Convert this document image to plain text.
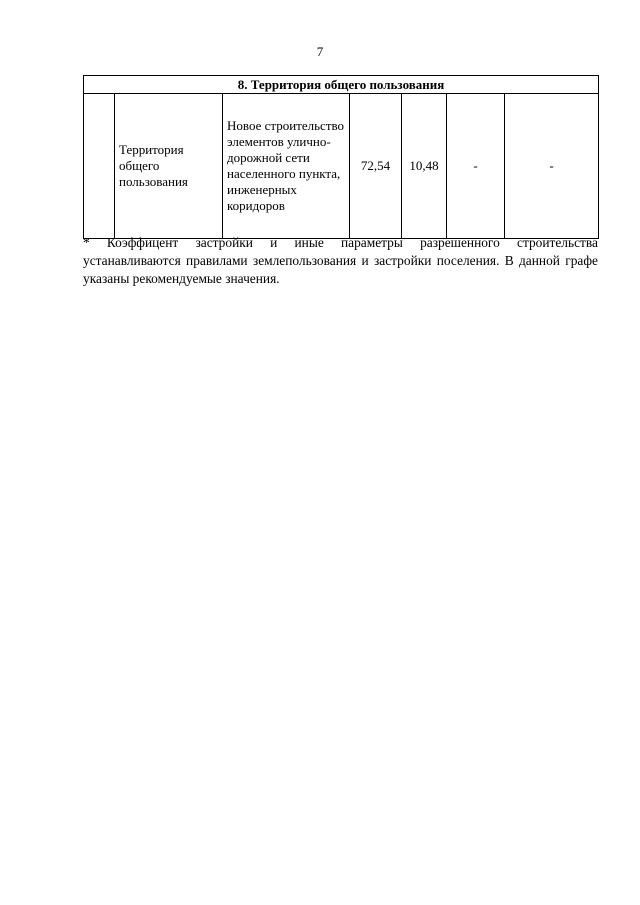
7
8. Территория общего пользования
	Территория общего пользования	Новое строительство элементов улично-дорожной сети населенного пункта, инженерных коридоров	72,54	10,48	-	-
* Коэффицент застройки и иные параметры разрешенного строительства устанавливаются правилами землепользования и застройки поселения. В данной графе указаны рекомендуемые значения.
